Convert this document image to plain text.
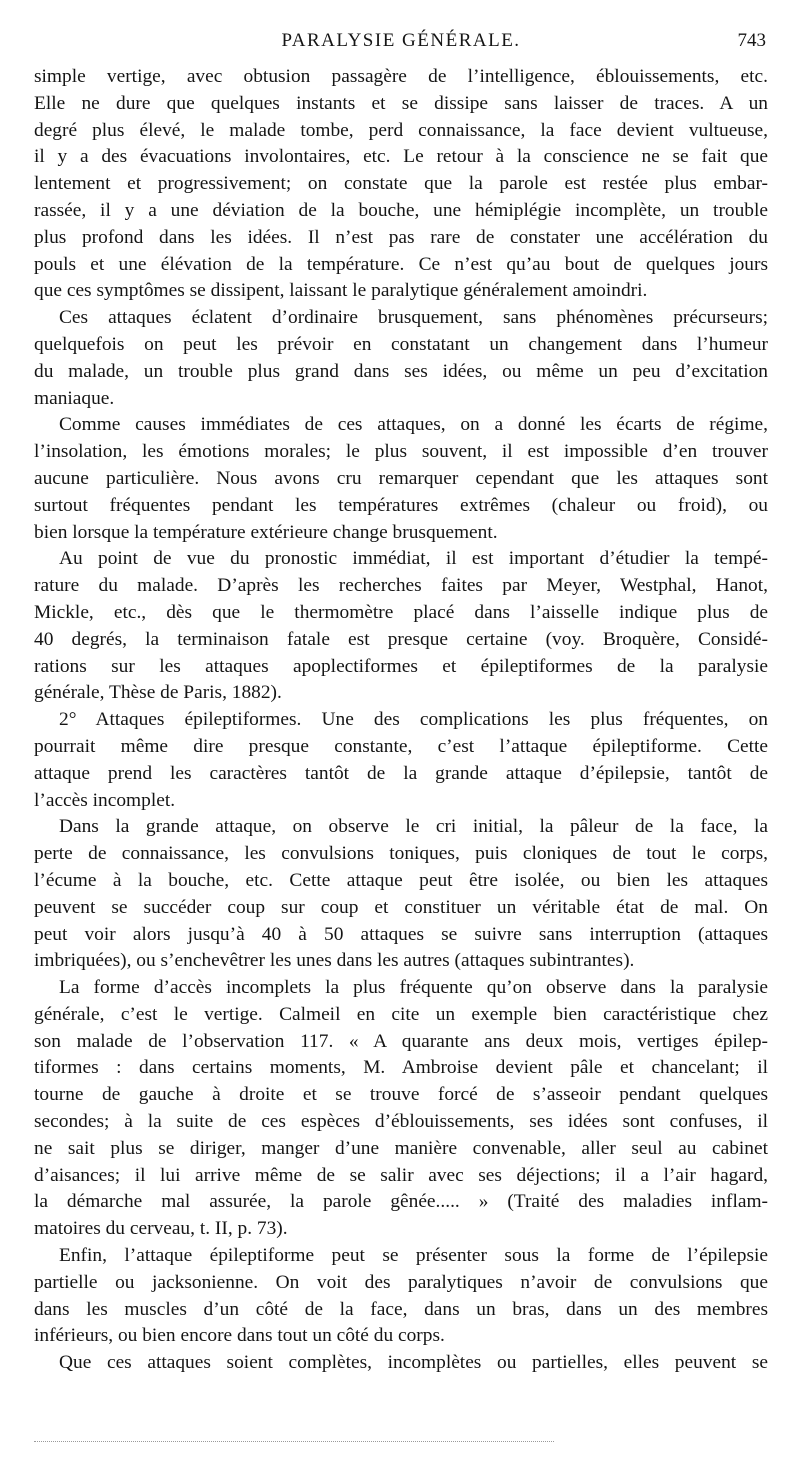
PARALYSIE GÉNÉRALE.	743
simple vertige, avec obtusion passagère de l’intelligence, éblouissements, etc.
Elle ne dure que quelques instants et se dissipe sans laisser de traces. A un
degré plus élevé, le malade tombe, perd connaissance, la face devient vultueuse,
il y a des évacuations involontaires, etc. Le retour à la conscience ne se fait que
lentement et progressivement; on constate que la parole est restée plus embar-
rassée, il y a une déviation de la bouche, une hémiplégie incomplète, un trouble
plus profond dans les idées. Il n’est pas rare de constater une accélération du
pouls et une élévation de la température. Ce n’est qu’au bout de quelques jours
que ces symptômes se dissipent, laissant le paralytique généralement amoindri.
Ces attaques éclatent d’ordinaire brusquement, sans phénomènes précurseurs;
quelquefois on peut les prévoir en constatant un changement dans l’humeur
du malade, un trouble plus grand dans ses idées, ou même un peu d’excitation
maniaque.
Comme causes immédiates de ces attaques, on a donné les écarts de régime,
l’insolation, les émotions morales; le plus souvent, il est impossible d’en trouver
aucune particulière. Nous avons cru remarquer cependant que les attaques sont
surtout fréquentes pendant les températures extrêmes (chaleur ou froid), ou
bien lorsque la température extérieure change brusquement.
Au point de vue du pronostic immédiat, il est important d’étudier la tempé-
rature du malade. D’après les recherches faites par Meyer, Westphal, Hanot,
Mickle, etc., dès que le thermomètre placé dans l’aisselle indique plus de
40 degrés, la terminaison fatale est presque certaine (voy. Broquère, Considé-
rations sur les attaques apoplectiformes et épileptiformes de la paralysie
générale, Thèse de Paris, 1882).
2° Attaques épileptiformes. Une des complications les plus fréquentes, on
pourrait même dire presque constante, c’est l’attaque épileptiforme. Cette
attaque prend les caractères tantôt de la grande attaque d’épilepsie, tantôt de
l’accès incomplet.
Dans la grande attaque, on observe le cri initial, la pâleur de la face, la
perte de connaissance, les convulsions toniques, puis cloniques de tout le corps,
l’écume à la bouche, etc. Cette attaque peut être isolée, ou bien les attaques
peuvent se succéder coup sur coup et constituer un véritable état de mal. On
peut voir alors jusqu’à 40 à 50 attaques se suivre sans interruption (attaques
imbriquées), ou s’enchevêtrer les unes dans les autres (attaques subintrantes).
La forme d’accès incomplets la plus fréquente qu’on observe dans la paralysie
générale, c’est le vertige. Calmeil en cite un exemple bien caractéristique chez
son malade de l’observation 117. « A quarante ans deux mois, vertiges épilep-
tiformes : dans certains moments, M. Ambroise devient pâle et chancelant; il
tourne de gauche à droite et se trouve forcé de s’asseoir pendant quelques
secondes; à la suite de ces espèces d’éblouissements, ses idées sont confuses, il
ne sait plus se diriger, manger d’une manière convenable, aller seul au cabinet
d’aisances; il lui arrive même de se salir avec ses déjections; il a l’air hagard,
la démarche mal assurée, la parole gênée..... » (Traité des maladies inflam-
matoires du cerveau, t. II, p. 73).
Enfin, l’attaque épileptiforme peut se présenter sous la forme de l’épilepsie
partielle ou jacksonienne. On voit des paralytiques n’avoir de convulsions que
dans les muscles d’un côté de la face, dans un bras, dans un des membres
inférieurs, ou bien encore dans tout un côté du corps.
Que ces attaques soient complètes, incomplètes ou partielles, elles peuvent se
